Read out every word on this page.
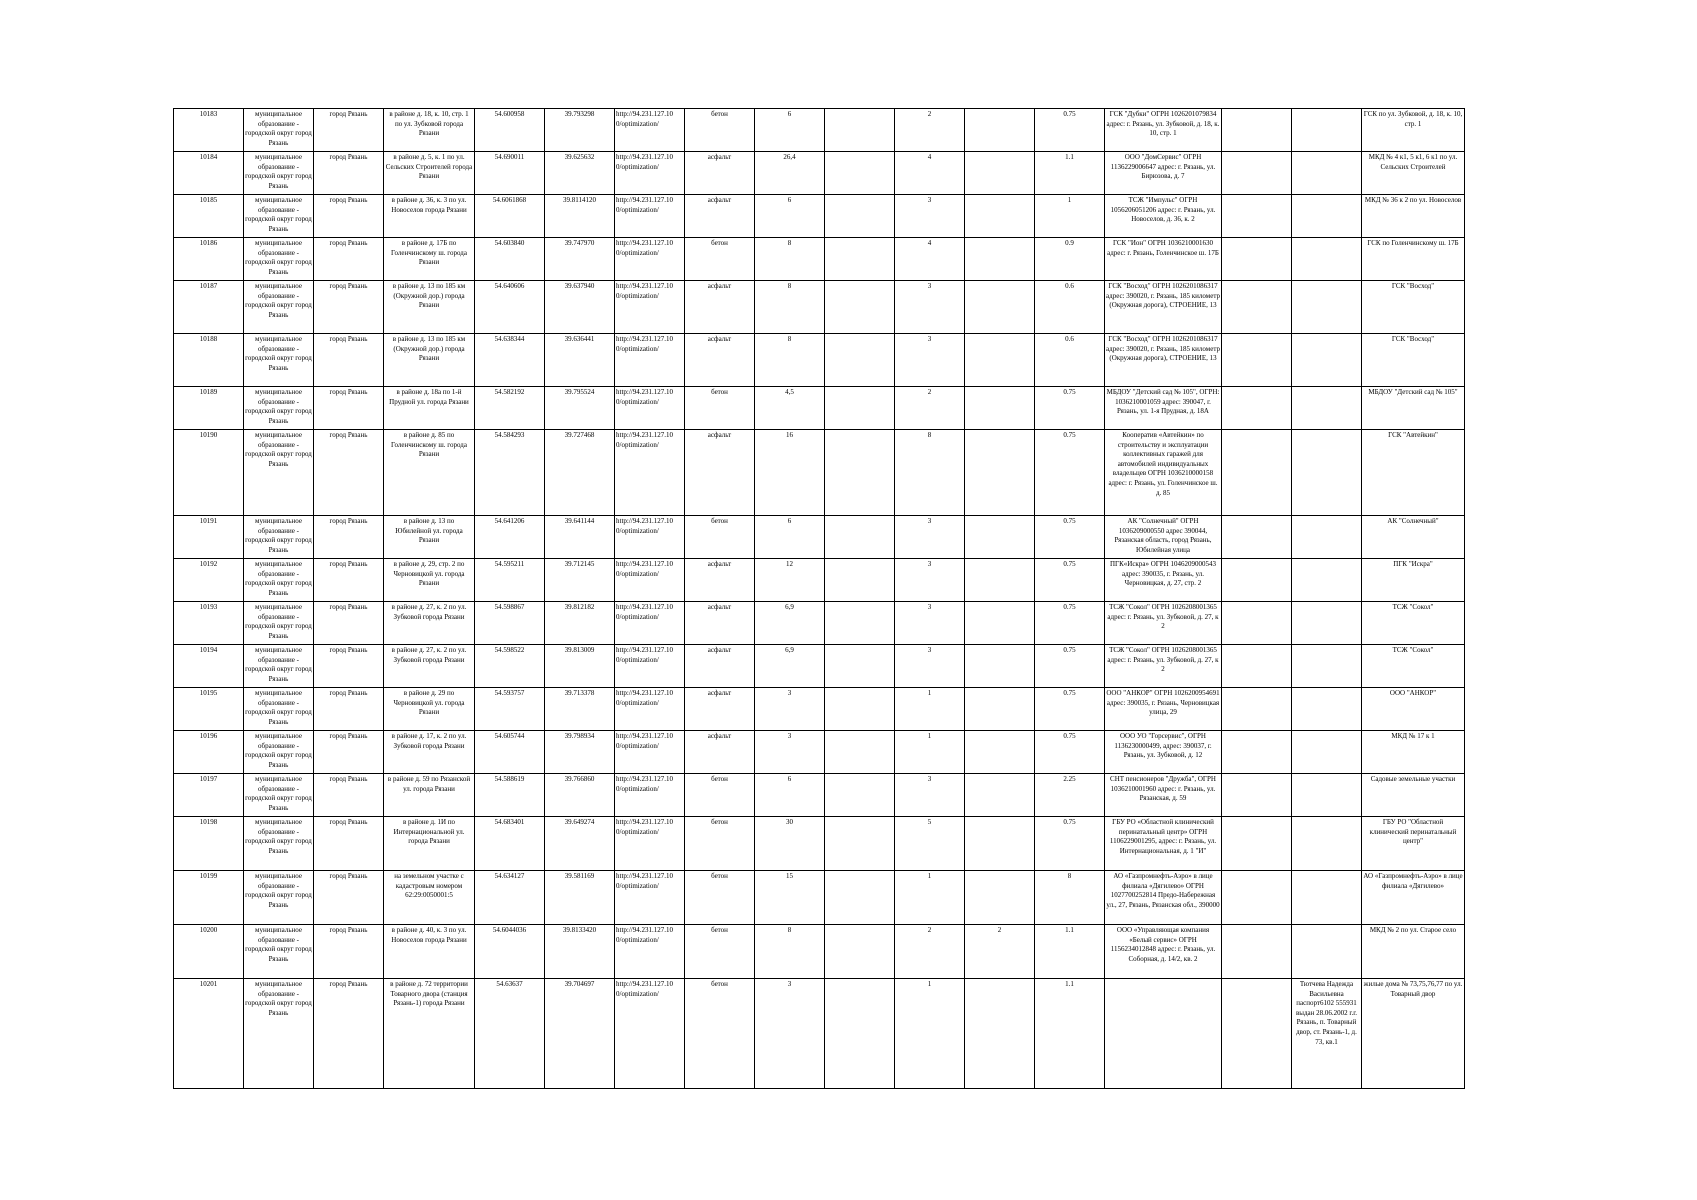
10183	муниципальное образование - городской округ город Рязань	город Рязань	в районе д. 18, к. 10, стр. 1 по ул. Зубковой города Рязани	54.600958	39.793298	http://94.231.127.10 0/optimization/	бетон	6		2		0.75	ГСК "Дубки" ОГРН 1026201079834 адрес: г. Рязань, ул. Зубковой, д. 18, к. 10, стр. 1			ГСК по ул. Зубковой, д. 18, к. 10, стр. 1
10184	муниципальное образование - городской округ город Рязань	город Рязань	в районе д. 5, к. 1 по ул. Сельских Строителей города Рязани	54.690011	39.625632	http://94.231.127.10 0/optimization/	асфальт	26,4		4		1.1	ООО "ДомСервис" ОГРН 1136229006647 адрес: г. Рязань, ул. Бирюзова, д. 7			МКД № 4 к1, 5 к1, 6 к1 по ул. Сельских Строителей
10185	муниципальное образование - городской округ город Рязань	город Рязань	в районе д. 36, к. 3 по ул. Новоселов города Рязани	54.6061868	39.8114120	http://94.231.127.10 0/optimization/	асфальт	6		3		1	ТСЖ "Импульс" ОГРН 1056206051206 адрес: г. Рязань, ул. Новоселов, д. 36, к. 2			МКД № 36 к 2 по ул. Новоселов
10186	муниципальное образование - городской округ город Рязань	город Рязань	в районе д. 17Б по Голенчинскому ш. города Рязани	54.603840	39.747970	http://94.231.127.10 0/optimization/	бетон	8		4		0.9	ГСК "Ион" ОГРН 1036210001630 адрес: г. Рязань, Голенчинское ш. 17Б			ГСК по Голенчинскому ш. 17Б
10187	муниципальное образование - городской округ город Рязань	город Рязань	в районе д. 13 по 185 км (Окружной дор.) города Рязани	54.640606	39.637940	http://94.231.127.10 0/optimization/	асфальт	8		3		0.6	ГСК "Восход" ОГРН 1026201086317 адрес: 390020, г. Рязань, 185 километр (Окружная дорога), СТРОЕНИЕ, 13			ГСК "Восход"
10188	муниципальное образование - городской округ город Рязань	город Рязань	в районе д. 13 по 185 км (Окружной дор.) города Рязани	54.638344	39.636441	http://94.231.127.10 0/optimization/	асфальт	8		3		0.6	ГСК "Восход" ОГРН 1026201086317 адрес: 390020, г. Рязань, 185 километр (Окружная дорога), СТРОЕНИЕ, 13			ГСК "Восход"
10189	муниципальное образование - городской округ город Рязань	город Рязань	в районе д. 18а по 1-й Прудной ул. города Рязани	54.582192	39.795524	http://94.231.127.10 0/optimization/	бетон	4,5		2		0.75	МБДОУ "Детский сад № 105", ОГРН: 1036210001059 адрес: 390047, г. Рязань, ул. 1-я Прудная, д. 18А			МБДОУ "Детский сад № 105"
10190	муниципальное образование - городской округ город Рязань	город Рязань	в районе д. 85 по Голенчинскому ш. города Рязани	54.584293	39.727468	http://94.231.127.10 0/optimization/	асфальт	16		8		0.75	Кооператив «Автейкин» по строительству и эксплуатации коллективных гаражей для автомобилей индивидуальных владельцев ОГРН 1036210000158 адрес: г. Рязань, ул. Голенчинское ш. д. 85			ГСК "Автейкин"
10191	муниципальное образование - городской округ город Рязань	город Рязань	в районе д. 13 по Юбилейной ул. города Рязани	54.641206	39.641144	http://94.231.127.10 0/optimization/	бетон	6		3		0.75	АК "Солнечный" ОГРН 1036209000550 адрес 390044, Рязанская область, город Рязань, Юбилейная улица			АК "Солнечный"
10192	муниципальное образование - городской округ город Рязань	город Рязань	в районе д. 29, стр. 2 по Черновицкой ул. города Рязани	54.595211	39.712145	http://94.231.127.10 0/optimization/	асфальт	12		3		0.75	ПГК«Искра» ОГРН 1046209000543 адрес: 390035, г. Рязань, ул. Черновицкая, д. 27, стр. 2			ПГК "Искра"
10193	муниципальное образование - городской округ город Рязань	город Рязань	в районе д. 27, к. 2 по ул. Зубковой города Рязани	54.598867	39.812182	http://94.231.127.10 0/optimization/	асфальт	6,9		3		0.75	ТСЖ "Сокол" ОГРН 1026208001365 адрес: г. Рязань, ул. Зубковой, д. 27, к 2			ТСЖ "Сокол"
10194	муниципальное образование - городской округ город Рязань	город Рязань	в районе д. 27, к. 2 по ул. Зубковой города Рязани	54.598522	39.813009	http://94.231.127.10 0/optimization/	асфальт	6,9		3		0.75	ТСЖ "Сокол" ОГРН 1026208001365 адрес: г. Рязань, ул. Зубковой, д. 27, к 2			ТСЖ "Сокол"
10195	муниципальное образование - городской округ город Рязань	город Рязань	в районе д. 29 по Черновицкой ул. города Рязани	54.593757	39.713378	http://94.231.127.10 0/optimization/	асфальт	3		1		0.75	ООО "АНКОР" ОГРН 1026200954691 адрес: 390035, г. Рязань, Черновицкая улица, 29			ООО "АНКОР"
10196	муниципальное образование - городской округ город Рязань	город Рязань	в районе д. 17, к. 2 по ул. Зубковой города Рязани	54.605744	39.798934	http://94.231.127.10 0/optimization/	асфальт	3		1		0.75	ООО УО "Горсервис", ОГРН 1136230000499, адрес: 390037, г. Рязань, ул. Зубковой, д. 12			МКД № 17 к 1
10197	муниципальное образование - городской округ город Рязань	город Рязань	в районе д. 59 по Рязанской ул. города Рязани	54.588619	39.766860	http://94.231.127.10 0/optimization/	бетон	6		3		2.25	СНТ пенсионеров "Дружба", ОГРН 1036210001960 адрес: г. Рязань, ул. Рязанская, д. 59			Садовые земельные участки
10198	муниципальное образование - городской округ город Рязань	город Рязань	в районе д. 1И по Интернациональной ул. города Рязани	54.683401	39.649274	http://94.231.127.10 0/optimization/	бетон	30		5		0.75	ГБУ РО «Областной клинический перинатальный центр» ОГРН 1106229001295, адрес: г. Рязань, ул. Интернациональная, д. 1 "И"			ГБУ РО "Областной клинический перинатальный центр"
10199	муниципальное образование - городской округ город Рязань	город Рязань	на земельном участке с кадастровым номером 62:29:0050001:5	54.634127	39.581169	http://94.231.127.10 0/optimization/	бетон	15		1		8	АО «Газпромнефть-Аэро» в лице филиала «Дягилево» ОГРН 1027700252814 Предо-Набережная ул., 27, Рязань, Рязанская обл., 390000			АО «Газпромнефть-Аэро» в лице филиала «Дягилево»
10200	муниципальное образование - городской округ город Рязань	город Рязань	в районе д. 40, к. 3 по ул. Новоселов города Рязани	54.6044036	39.8133420	http://94.231.127.10 0/optimization/	бетон	8		2	2	1.1	ООО «Управляющая компания «Белый сервис» ОГРН 1156234012848 адрес: г. Рязань, ул. Соборная, д. 14/2, кв. 2			МКД № 2 по ул. Старое село
10201	муниципальное образование - городской округ город Рязань	город Рязань	в районе д. 72 территории Товарного двора (станция Рязань-1) города Рязани	54.63637	39.704697	http://94.231.127.10 0/optimization/	бетон	3		1		1.1			Тютчева Надежда Васильевна паспорт6102 555931 выдан 28.06.2002 г.г. Рязань, п. Товарный двор, ст. Рязань-1, д. 73, кв.1	жилые дома № 73,75,76,77 по ул. Товарный двор
